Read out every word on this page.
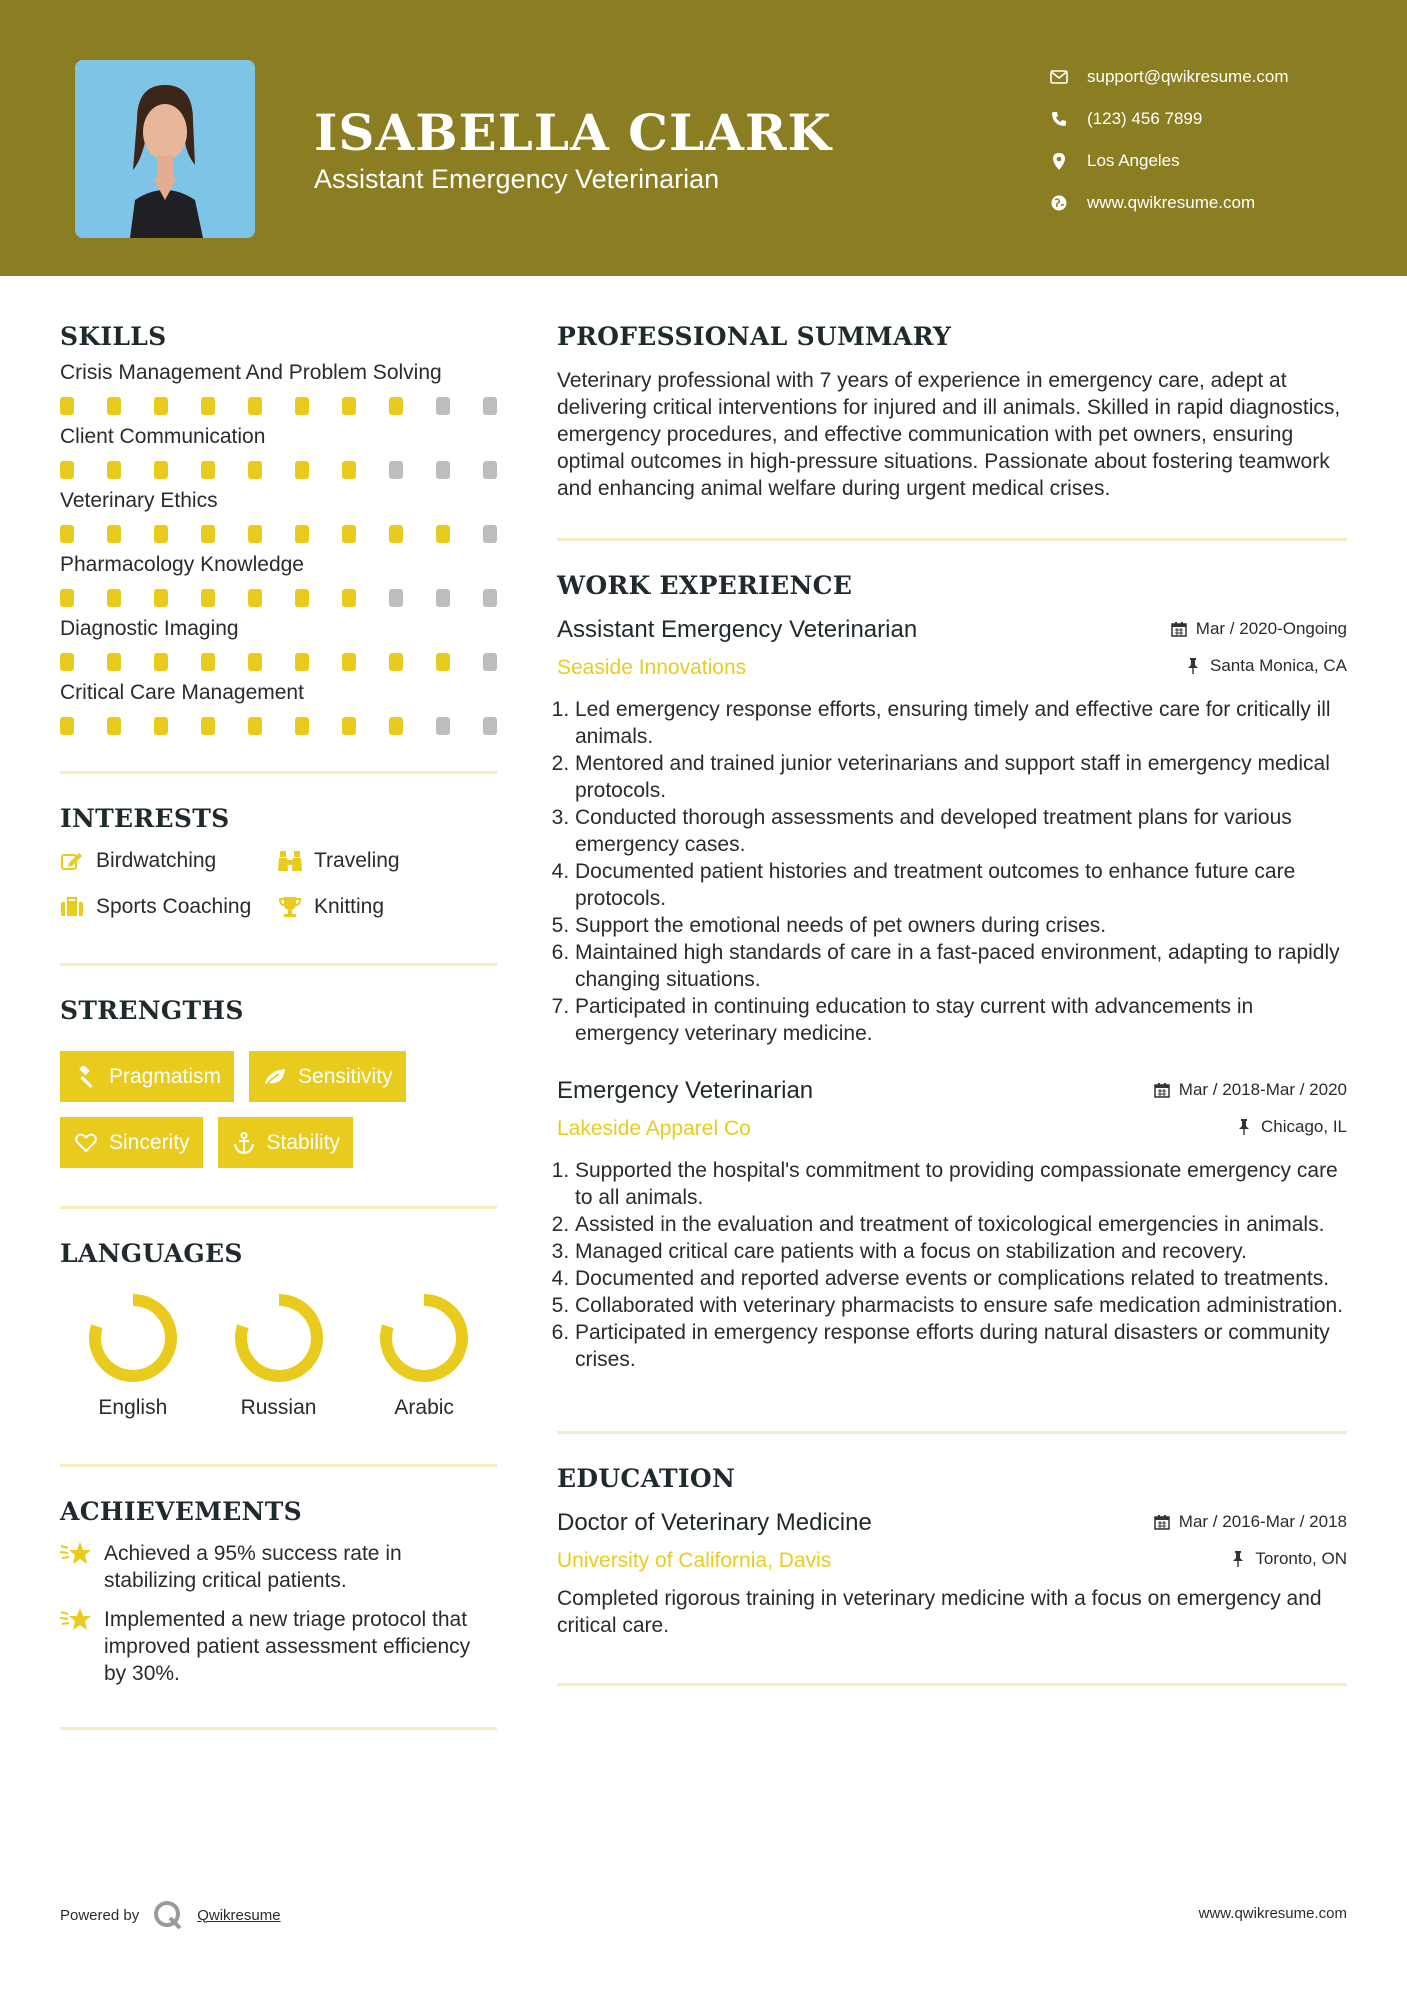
ISABELLA CLARK
Assistant Emergency Veterinarian
support@qwikresume.com
(123) 456 7899
Los Angeles
www.qwikresume.com
SKILLS
Crisis Management And Problem Solving
Client Communication
Veterinary Ethics
Pharmacology Knowledge
Diagnostic Imaging
Critical Care Management
INTERESTS
Birdwatching	Traveling
Sports Coaching	Knitting
STRENGTHS
Pragmatism	Sensitivity
Sincerity	Stability
LANGUAGES
English	Russian	Arabic
ACHIEVEMENTS
Achieved a 95% success rate in stabilizing critical patients.
Implemented a new triage protocol that improved patient assessment efficiency by 30%.
PROFESSIONAL SUMMARY
Veterinary professional with 7 years of experience in emergency care, adept at delivering critical interventions for injured and ill animals. Skilled in rapid diagnostics, emergency procedures, and effective communication with pet owners, ensuring optimal outcomes in high-pressure situations. Passionate about fostering teamwork and enhancing animal welfare during urgent medical crises.
WORK EXPERIENCE
Assistant Emergency Veterinarian	Mar / 2020-Ongoing
Seaside Innovations	Santa Monica, CA
1. Led emergency response efforts, ensuring timely and effective care for critically ill animals.
2. Mentored and trained junior veterinarians and support staff in emergency medical protocols.
3. Conducted thorough assessments and developed treatment plans for various emergency cases.
4. Documented patient histories and treatment outcomes to enhance future care protocols.
5. Support the emotional needs of pet owners during crises.
6. Maintained high standards of care in a fast-paced environment, adapting to rapidly changing situations.
7. Participated in continuing education to stay current with advancements in emergency veterinary medicine.
Emergency Veterinarian	Mar / 2018-Mar / 2020
Lakeside Apparel Co	Chicago, IL
1. Supported the hospital's commitment to providing compassionate emergency care to all animals.
2. Assisted in the evaluation and treatment of toxicological emergencies in animals.
3. Managed critical care patients with a focus on stabilization and recovery.
4. Documented and reported adverse events or complications related to treatments.
5. Collaborated with veterinary pharmacists to ensure safe medication administration.
6. Participated in emergency response efforts during natural disasters or community crises.
EDUCATION
Doctor of Veterinary Medicine	Mar / 2016-Mar / 2018
University of California, Davis	Toronto, ON
Completed rigorous training in veterinary medicine with a focus on emergency and critical care.
Powered by	Qwikresume	www.qwikresume.com
